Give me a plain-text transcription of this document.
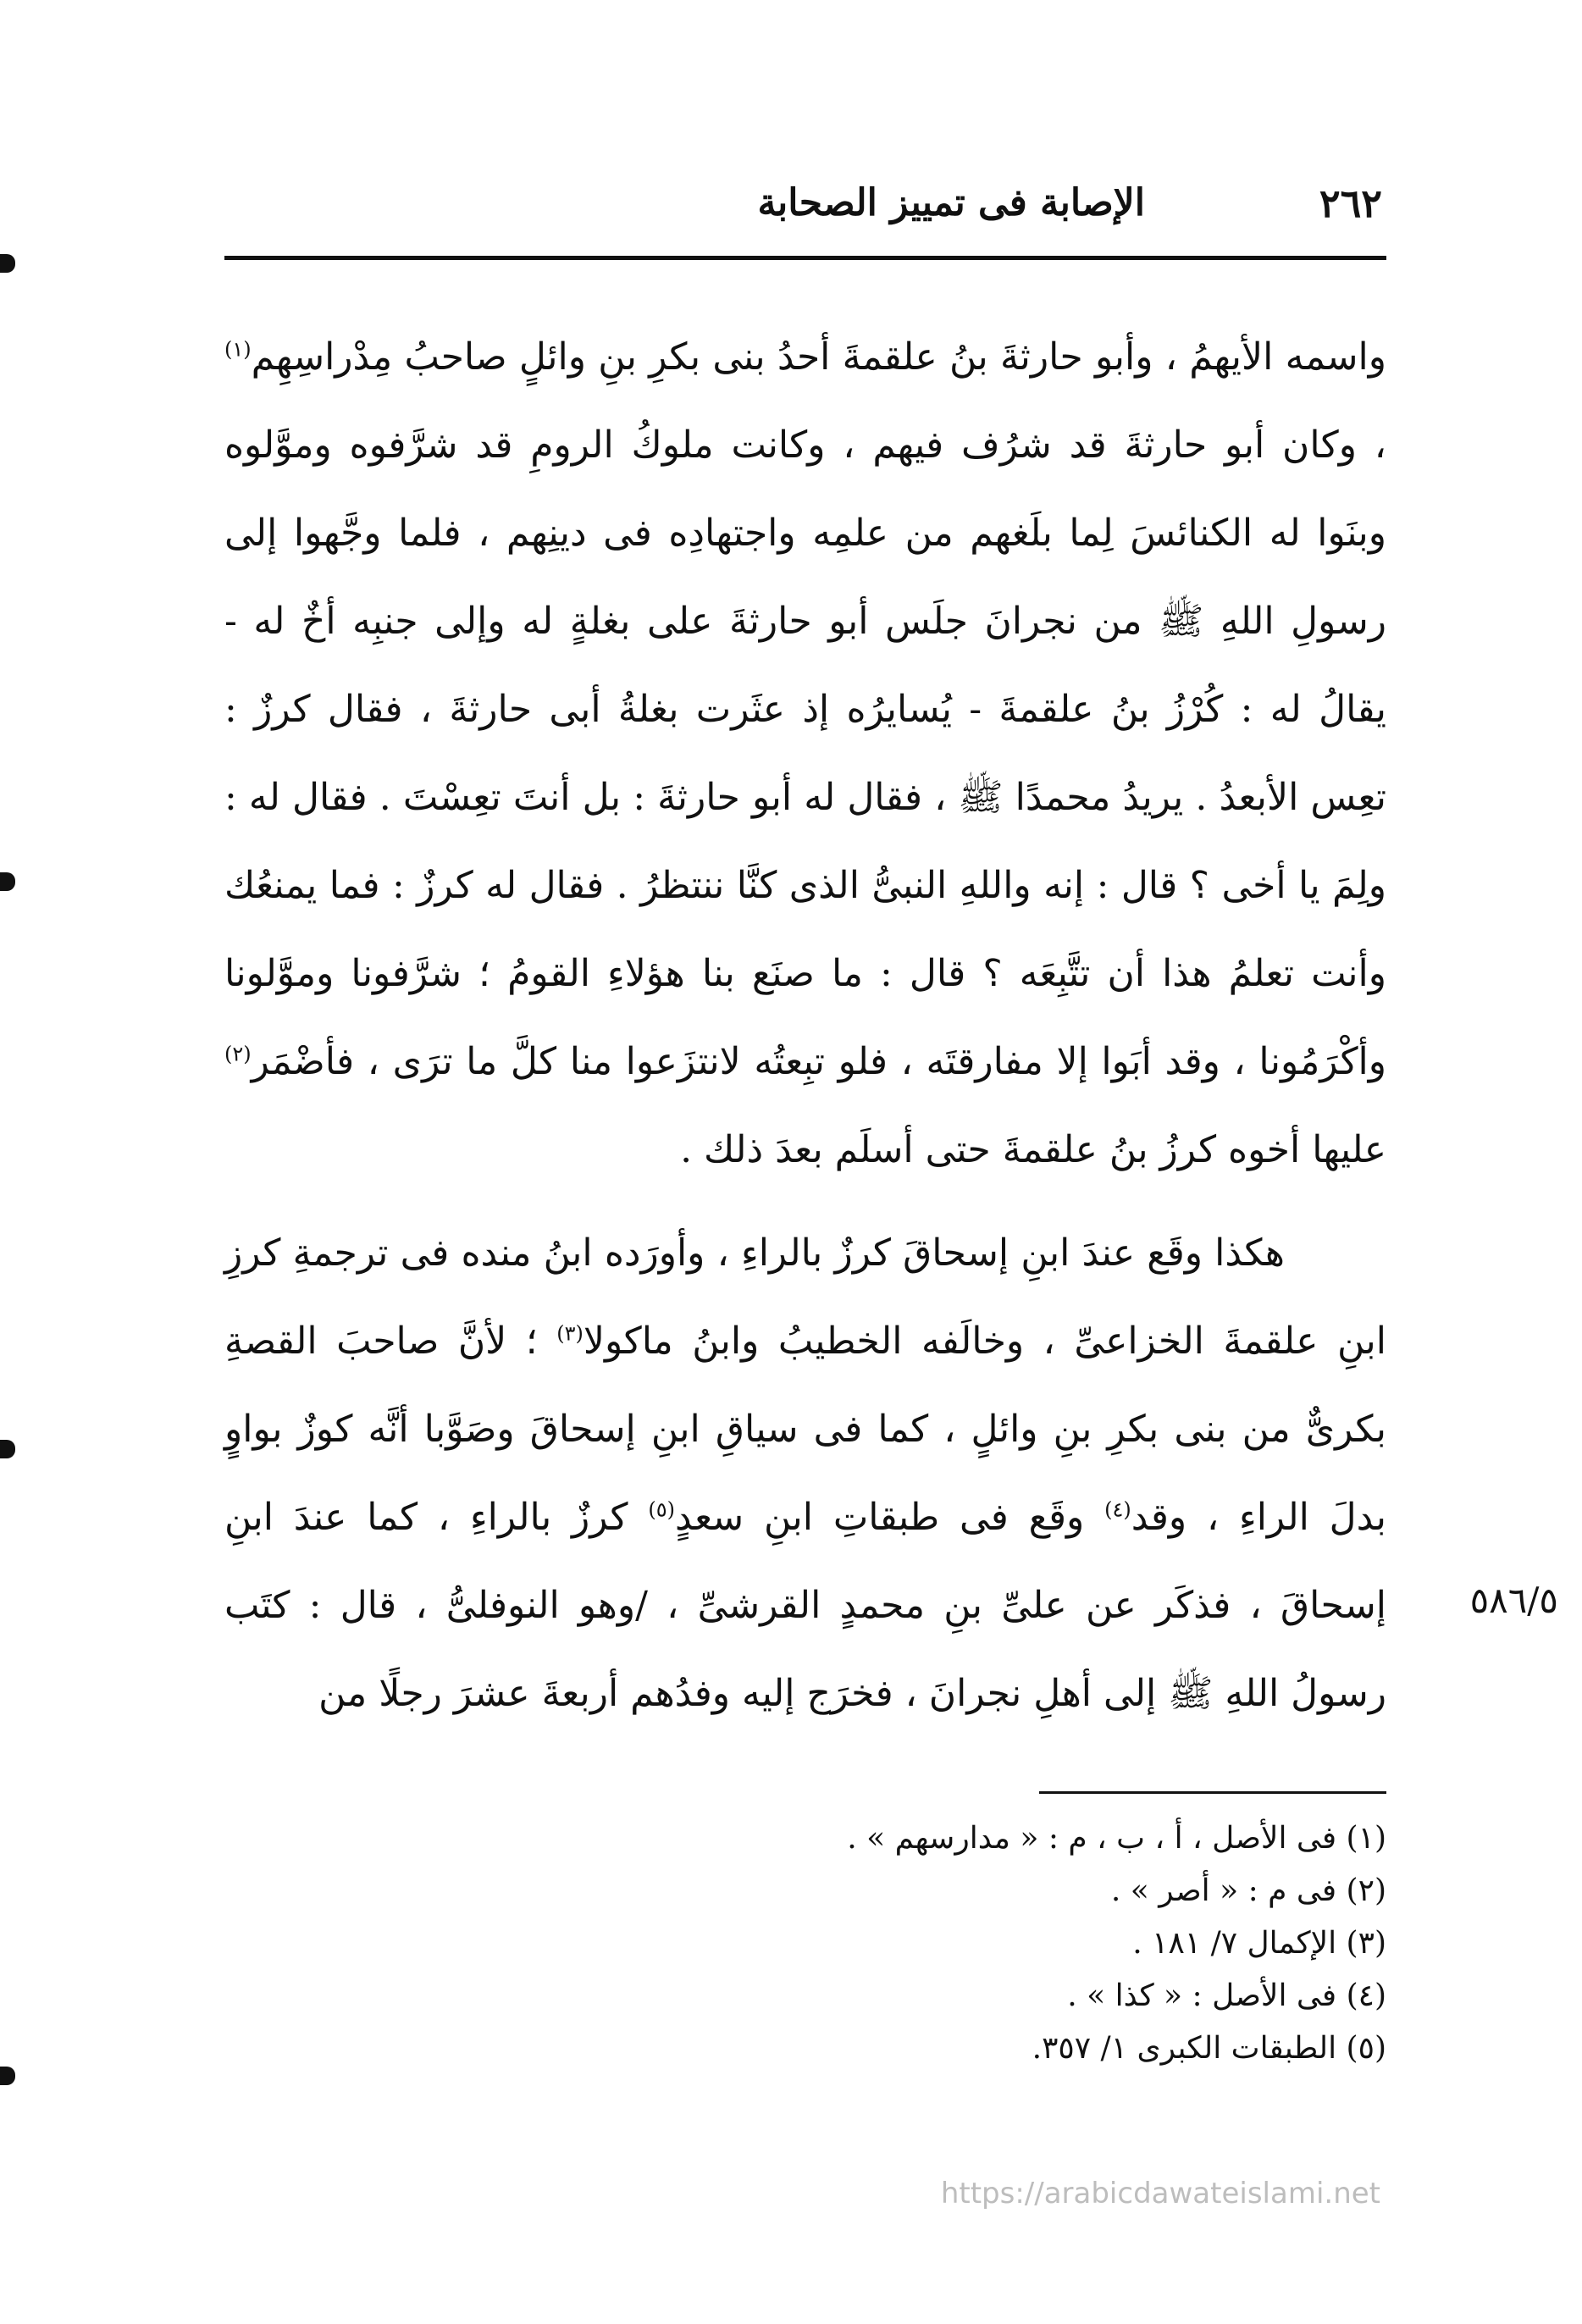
٢٦٢
الإصابة فى تمييز الصحابة

واسمه الأيهمُ ، وأبو حارثةَ بنُ علقمةَ أحدُ بنى بكرِ بنِ وائلٍ صاحبُ مِدْراسِهِم$^{(١)}$ ، وكان أبو حارثةَ قد شرُف فيهم ، وكانت ملوكُ الرومِ قد شرَّفوه وموَّلوه وبنَوا له الكنائسَ لِما بلَغهم من علمِه واجتهادِه فى دينِهم ، فلما وجَّهوا إلى رسولِ اللهِ ﷺ من نجرانَ جلَس أبو حارثةَ على بغلةٍ له وإلى جنبِه أخٌ له - يقالُ له : كُرْزُ بنُ علقمةَ - يُسايرُه إذ عثَرت بغلةُ أبى حارثةَ ، فقال كرزٌ : تعِس الأبعدُ . يريدُ محمدًا ﷺ ، فقال له أبو حارثةَ : بل أنتَ تعِسْتَ . فقال له : ولِمَ يا أخى ؟ قال : إنه واللهِ النبىُّ الذى كنَّا ننتظرُ . فقال له كرزٌ : فما يمنعُك وأنت تعلمُ هذا أن تتَّبِعَه ؟ قال : ما صنَع بنا هؤلاءِ القومُ ؛ شرَّفونا وموَّلونا وأكْرَمُونا ، وقد أبَوا إلا مفارقتَه ، فلو تبِعتُه لانتزَعوا منا كلَّ ما ترَى ، فأضْمَر$^{(٢)}$ عليها أخوه كرزُ بنُ علقمةَ حتى أسلَم بعدَ ذلك .

هكذا وقَع عندَ ابنِ إسحاقَ كرزٌ بالراءِ ، وأورَده ابنُ منده فى ترجمةِ كرزِ ابنِ علقمةَ الخزاعىِّ ، وخالَفه الخطيبُ وابنُ ماكولا$^{(٣)}$ ؛ لأنَّ صاحبَ القصةِ بكرىٌّ من بنى بكرِ بنِ وائلٍ ، كما فى سياقِ ابنِ إسحاقَ وصَوَّبا أنَّه كوزٌ بواوٍ بدلَ الراءِ ، وقد$^{(٤)}$ وقَع فى طبقاتِ ابنِ سعدٍ$^{(٥)}$ كرزٌ بالراءِ ، كما عندَ ابنِ إسحاقَ ، فذكَر عن علىِّ بنِ محمدٍ القرشىِّ ، /وهو النوفلىُّ ، قال : كتَب رسولُ اللهِ ﷺ إلى أهلِ نجرانَ ، فخرَج إليه وفدُهم أربعةَ عشرَ رجلًا من

٥٨٦/٥

(١) فى الأصل ، أ ، ب ، م : « مدارسهم » .

(٢) فى م : « أصر » .

(٣) الإكمال ٧/ ١٨١ .

(٤) فى الأصل : « كذا » .

(٥) الطبقات الكبرى ١/ ٣٥٧.

https://arabicdawateislami.net
